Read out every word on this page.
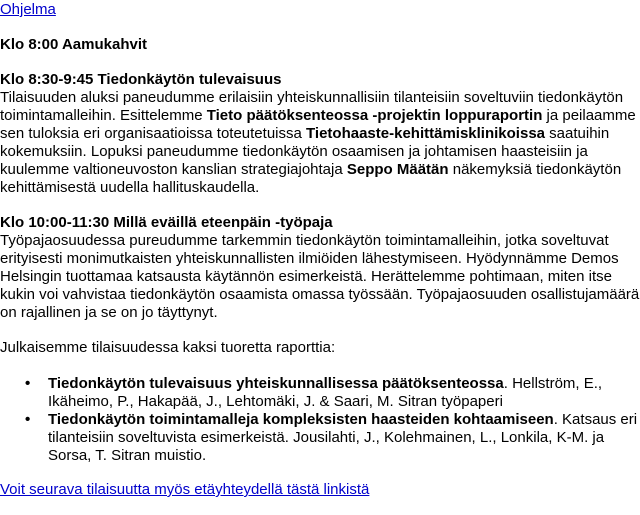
Ohjelma

Klo 8:00 Aamukahvit

Klo 8:30-9:45 Tiedonkäytön tulevaisuus

Tilaisuuden aluksi paneudumme erilaisiin yhteiskunnallisiin tilanteisiin soveltuviin tiedonkäytön toimintamalleihin. Esittelemme Tieto päätöksenteossa -projektin loppuraportin ja peilaamme sen tuloksia eri organisaatioissa toteutetuissa Tietohaaste-kehittämisklinikoissa saatuihin kokemuksiin. Lopuksi paneudumme tiedonkäytön osaamisen ja johtamisen haasteisiin ja kuulemme valtioneuvoston kanslian strategiajohtaja Seppo Määtän näkemyksiä tiedonkäytön kehittämisestä uudella hallituskaudella.

Klo 10:00-11:30 Millä eväillä eteenpäin -työpaja

Työpajaosuudessa pureudumme tarkemmin tiedonkäytön toimintamalleihin, jotka soveltuvat erityisesti monimutkaisten yhteiskunnallisten ilmiöiden lähestymiseen. Hyödynnämme Demos Helsingin tuottamaa katsausta käytännön esimerkeistä. Herättelemme pohtimaan, miten itse kukin voi vahvistaa tiedonkäytön osaamista omassa työssään. Työpajaosuuden osallistujamäärä on rajallinen ja se on jo täyttynyt.

Julkaisemme tilaisuudessa kaksi tuoretta raporttia:

• Tiedonkäytön tulevaisuus yhteiskunnallisessa päätöksenteossa. Hellström, E., Ikäheimo, P., Hakapää, J., Lehtomäki, J. & Saari, M. Sitran työpaperi
• Tiedonkäytön toimintamalleja kompleksisten haasteiden kohtaamiseen. Katsaus eri tilanteisiin soveltuvista esimerkeistä. Jousilahti, J., Kolehmainen, L., Lonkila, K-M. ja Sorsa, T. Sitran muistio.
Voit seurava tilaisuutta myös etäyhteydellä tästä linkistä
